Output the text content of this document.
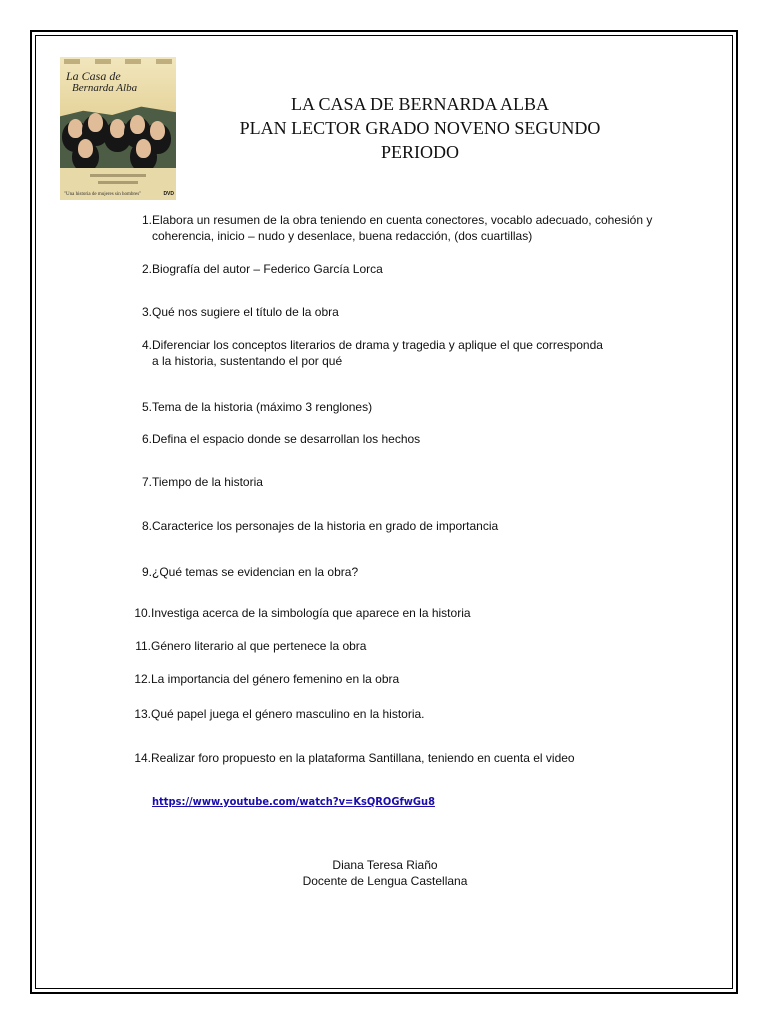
La Casa de
Bernarda Alba
"Una historia de mujeres sin hombres"	DVD
LA CASA DE BERNARDA ALBA
PLAN LECTOR GRADO NOVENO SEGUNDO
PERIODO
1. Elabora un resumen de la obra teniendo en cuenta conectores, vocablo adecuado, cohesión y coherencia, inicio – nudo y desenlace, buena redacción, (dos cuartillas)
2. Biografía del autor – Federico García Lorca
3. Qué nos sugiere el título de la obra
4. Diferenciar los conceptos literarios de drama y tragedia y aplique el que corresponda a la historia, sustentando el por qué
5. Tema de la historia (máximo 3 renglones)
6. Defina el espacio donde se desarrollan los hechos
7. Tiempo de la historia
8. Caracterice los personajes de la historia en grado de importancia
9. ¿Qué temas se evidencian en la obra?
10. Investiga acerca de la simbología que aparece en la historia
11. Género literario al que pertenece la obra
12. La importancia del género femenino en la obra
13. Qué papel juega el género masculino en la historia.
14. Realizar foro propuesto en la plataforma Santillana, teniendo en cuenta el video
https://www.youtube.com/watch?v=KsQROGfwGu8
Diana Teresa Riaño
Docente de Lengua Castellana
